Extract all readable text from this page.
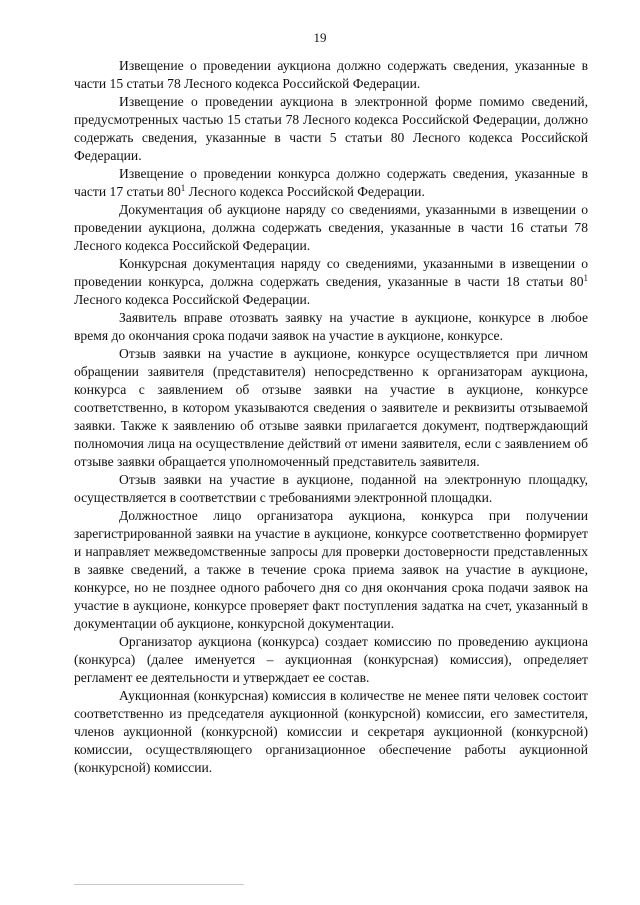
19

Извещение о проведении аукциона должно содержать сведения, указанные в части 15 статьи 78 Лесного кодекса Российской Федерации.

Извещение о проведении аукциона в электронной форме помимо сведений, предусмотренных частью 15 статьи 78 Лесного кодекса Российской Федерации, должно содержать сведения, указанные в части 5 статьи 80 Лесного кодекса Российской Федерации.

Извещение о проведении конкурса должно содержать сведения, указанные в части 17 статьи $80^1$ Лесного кодекса Российской Федерации.

Документация об аукционе наряду со сведениями, указанными в извещении о проведении аукциона, должна содержать сведения, указанные в части 16 статьи 78 Лесного кодекса Российской Федерации.

Конкурсная документация наряду со сведениями, указанными в извещении о проведении конкурса, должна содержать сведения, указанные в части 18 статьи $80^1$ Лесного кодекса Российской Федерации.

Заявитель вправе отозвать заявку на участие в аукционе, конкурсе в любое время до окончания срока подачи заявок на участие в аукционе, конкурсе.

Отзыв заявки на участие в аукционе, конкурсе осуществляется при личном обращении заявителя (представителя) непосредственно к организаторам аукциона, конкурса с заявлением об отзыве заявки на участие в аукционе, конкурсе соответственно, в котором указываются сведения о заявителе и реквизиты отзываемой заявки. Также к заявлению об отзыве заявки прилагается документ, подтверждающий полномочия лица на осуществление действий от имени заявителя, если с заявлением об отзыве заявки обращается уполномоченный представитель заявителя.

Отзыв заявки на участие в аукционе, поданной на электронную площадку, осуществляется в соответствии с требованиями электронной площадки.

Должностное лицо организатора аукциона, конкурса при получении зарегистрированной заявки на участие в аукционе, конкурсе соответственно формирует и направляет межведомственные запросы для проверки достоверности представленных в заявке сведений, а также в течение срока приема заявок на участие в аукционе, конкурсе, но не позднее одного рабочего дня со дня окончания срока подачи заявок на участие в аукционе, конкурсе проверяет факт поступления задатка на счет, указанный в документации об аукционе, конкурсной документации.

Организатор аукциона (конкурса) создает комиссию по проведению аукциона (конкурса) (далее именуется – аукционная (конкурсная) комиссия), определяет регламент ее деятельности и утверждает ее состав.

Аукционная (конкурсная) комиссия в количестве не менее пяти человек состоит соответственно из председателя аукционной (конкурсной) комиссии, его заместителя, членов аукционной (конкурсной) комиссии и секретаря аукционной (конкурсной) комиссии, осуществляющего организационное обеспечение работы аукционной (конкурсной) комиссии.
